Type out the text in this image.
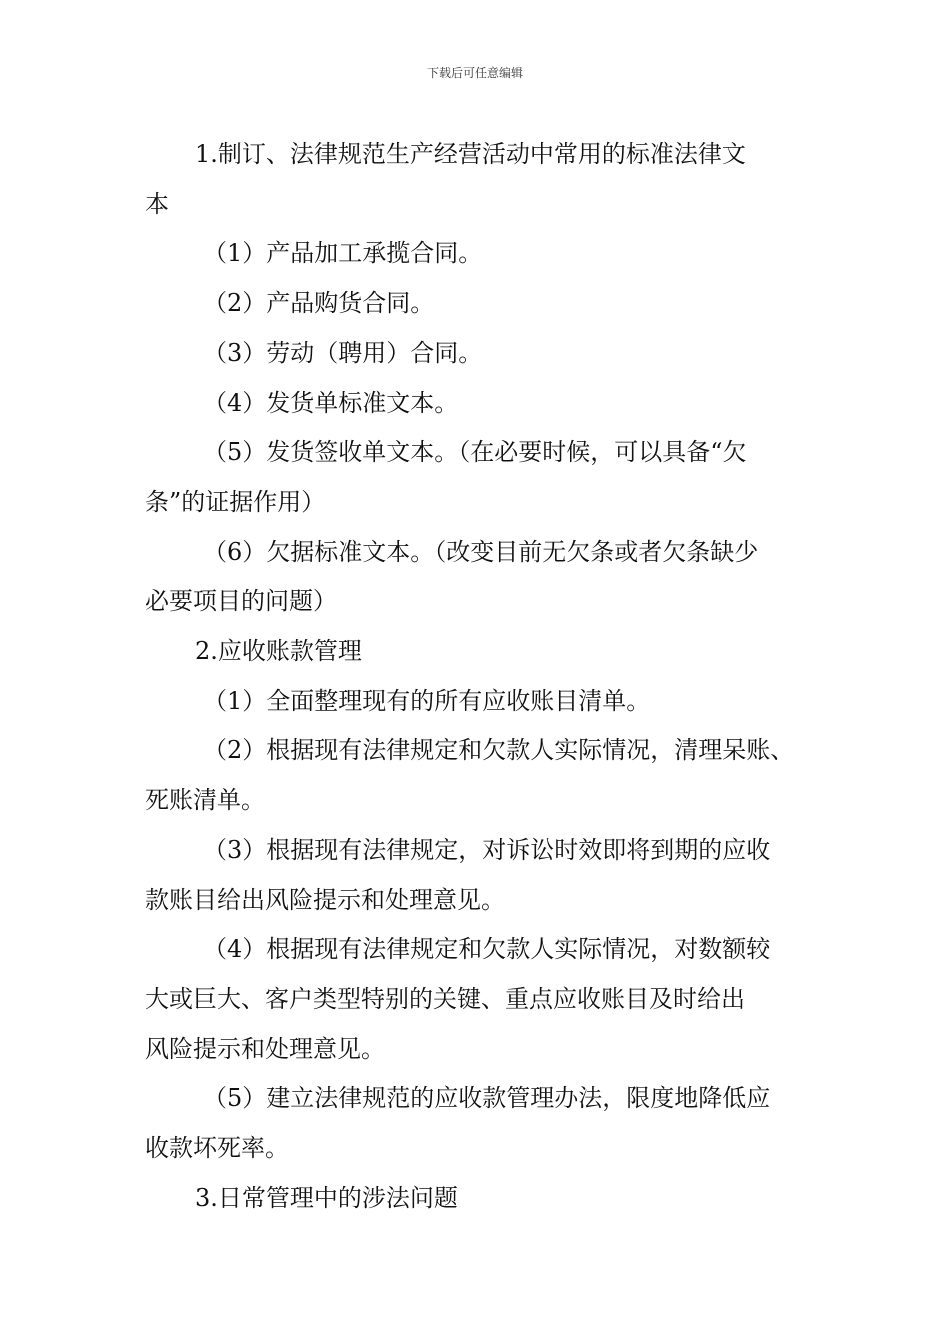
下载后可任意编辑
1.制订、法律规范生产经营活动中常用的标准法律文
本
（1）产品加工承揽合同。
（2）产品购货合同。
（3）劳动（聘用）合同。
（4）发货单标准文本。
（5）发货签收单文本。（在必要时候，可以具备“欠
条”的证据作用）
（6）欠据标准文本。（改变目前无欠条或者欠条缺少
必要项目的问题）
2.应收账款管理
（1）全面整理现有的所有应收账目清单。
（2）根据现有法律规定和欠款人实际情况，清理呆账、
死账清单。
（3）根据现有法律规定，对诉讼时效即将到期的应收
款账目给出风险提示和处理意见。
（4）根据现有法律规定和欠款人实际情况，对数额较
大或巨大、客户类型特别的关键、重点应收账目及时给出
风险提示和处理意见。
（5）建立法律规范的应收款管理办法，限度地降低应
收款坏死率。
3.日常管理中的涉法问题
